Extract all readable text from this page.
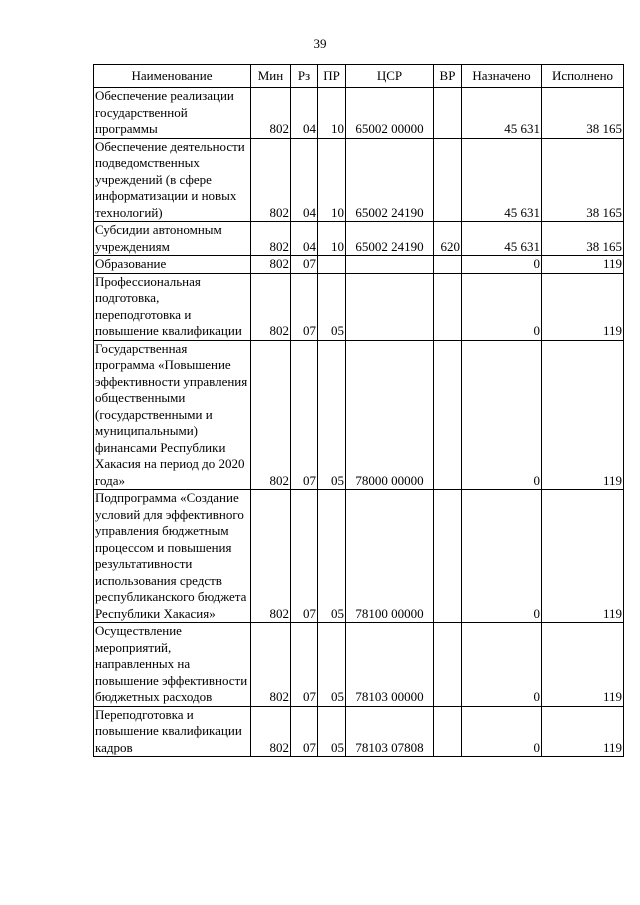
39
Наименование	Мин	Рз	ПР	ЦСР	ВР	Назначено	Исполнено
Обеспечение реализации государственной программы	802	04	10	65002 00000		45 631	38 165
Обеспечение деятельности подведомственных учреждений (в сфере информатизации и новых технологий)	802	04	10	65002 24190		45 631	38 165
Субсидии автономным учреждениям	802	04	10	65002 24190	620	45 631	38 165
Образование	802	07				0	119
Профессиональная подготовка, переподготовка и повышение квалификации	802	07	05			0	119
Государственная программа «Повышение эффективности управления общественными (государственными и муниципальными) финансами Республики Хакасия на период до 2020 года»	802	07	05	78000 00000		0	119
Подпрограмма «Создание условий для эффективного управления бюджетным процессом и повышения результативности использования средств республиканского бюджета Республики Хакасия»	802	07	05	78100 00000		0	119
Осуществление мероприятий, направленных на повышение эффективности бюджетных расходов	802	07	05	78103 00000		0	119
Переподготовка и повышение квалификации кадров	802	07	05	78103 07808		0	119
